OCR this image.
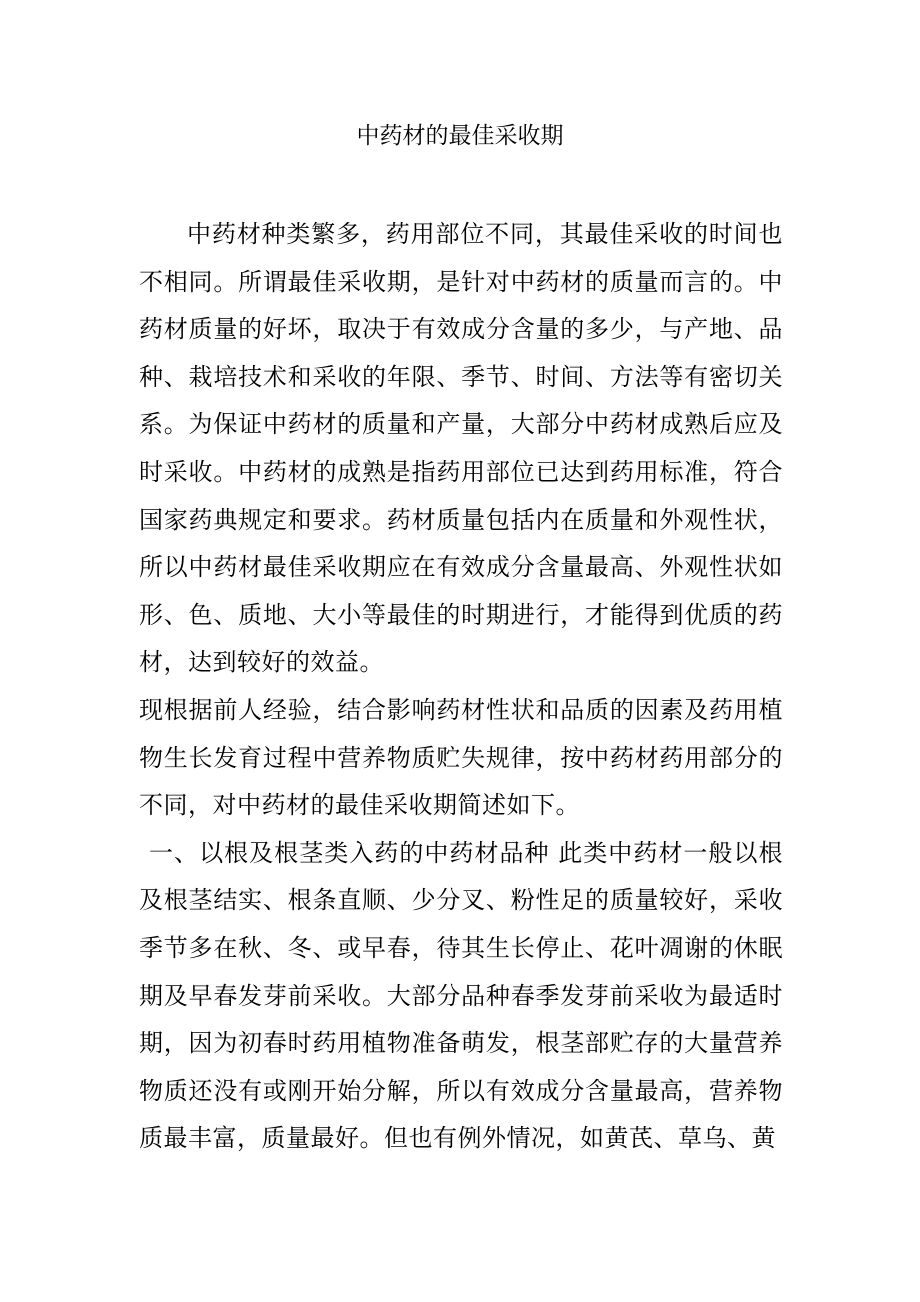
中药材的最佳采收期

中药材种类繁多，药用部位不同，其最佳采收的时间也不相同。所谓最佳采收期，是针对中药材的质量而言的。中药材质量的好坏，取决于有效成分含量的多少，与产地、品种、栽培技术和采收的年限、季节、时间、方法等有密切关系。为保证中药材的质量和产量，大部分中药材成熟后应及时采收。中药材的成熟是指药用部位已达到药用标准，符合国家药典规定和要求。药材质量包括内在质量和外观性状，所以中药材最佳采收期应在有效成分含量最高、外观性状如形、色、质地、大小等最佳的时期进行，才能得到优质的药材，达到较好的效益。

现根据前人经验，结合影响药材性状和品质的因素及药用植物生长发育过程中营养物质贮失规律，按中药材药用部分的不同，对中药材的最佳采收期简述如下。

一、以根及根茎类入药的中药材品种 此类中药材一般以根及根茎结实、根条直顺、少分叉、粉性足的质量较好，采收季节多在秋、冬、或早春，待其生长停止、花叶凋谢的休眠期及早春发芽前采收。大部分品种春季发芽前采收为最适时期，因为初春时药用植物准备萌发，根茎部贮存的大量营养物质还没有或刚开始分解，所以有效成分含量最高，营养物质最丰富，质量最好。但也有例外情况，如黄芪、草乌、黄
